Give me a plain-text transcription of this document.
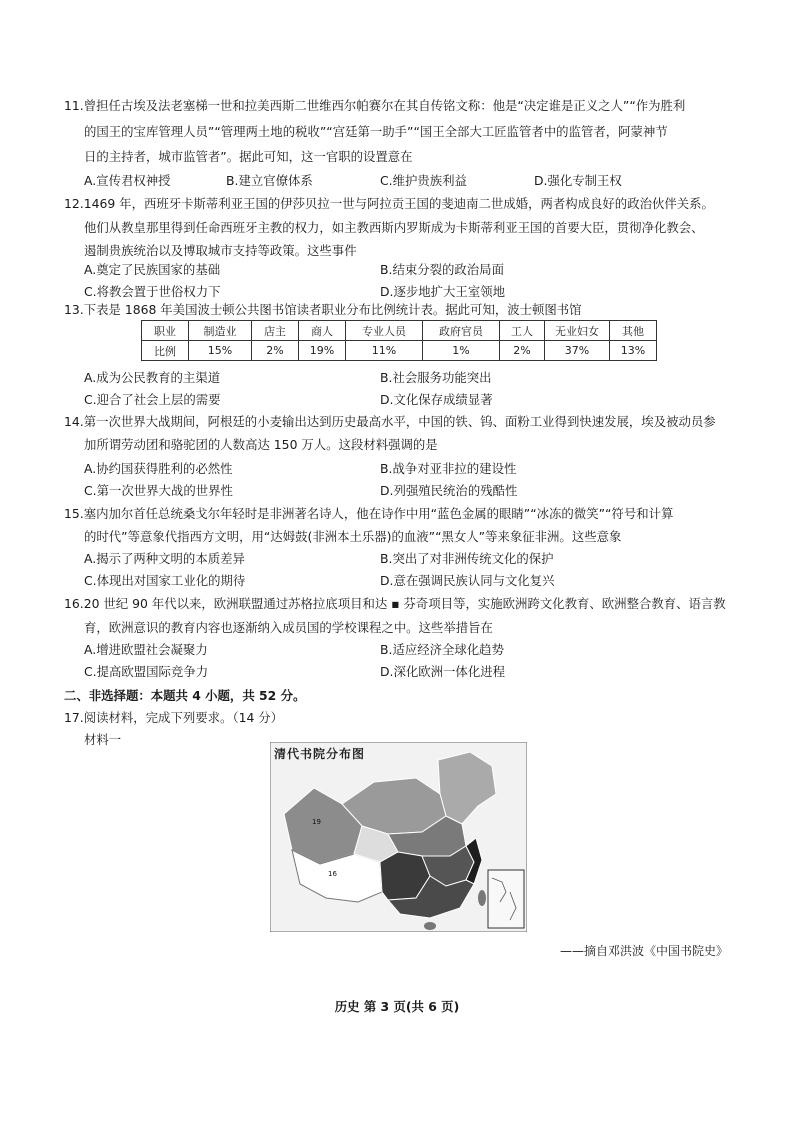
11.曾担任古埃及法老塞梯一世和拉美西斯二世维西尔帕赛尔在其自传铭文称：他是“决定谁是正义之人”“作为胜利
的国王的宝库管理人员”“管理两土地的税收”“宫廷第一助手”“国王全部大工匠监管者中的监管者，阿蒙神节
日的主持者，城市监管者”。据此可知，这一官职的设置意在
A.宣传君权神授	B.建立官僚体系	C.维护贵族利益	D.强化专制王权
12.1469 年，西班牙卡斯蒂利亚王国的伊莎贝拉一世与阿拉贡王国的斐迪南二世成婚，两者构成良好的政治伙伴关系。
他们从教皇那里得到任命西班牙主教的权力，如主教西斯内罗斯成为卡斯蒂利亚王国的首要大臣，贯彻净化教会、
遏制贵族统治以及博取城市支持等政策。这些事件
A.奠定了民族国家的基础	B.结束分裂的政治局面
C.将教会置于世俗权力下	D.逐步地扩大王室领地
13.下表是 1868 年美国波士顿公共图书馆读者职业分布比例统计表。据此可知，波士顿图书馆
职业	制造业	店主	商人	专业人员	政府官员	工人	无业妇女	其他
比例	15%	2%	19%	11%	1%	2%	37%	13%
A.成为公民教育的主渠道	B.社会服务功能突出
C.迎合了社会上层的需要	D.文化保存成绩显著
14.第一次世界大战期间，阿根廷的小麦输出达到历史最高水平，中国的铁、钨、面粉工业得到快速发展，埃及被动员参
加所谓劳动团和骆驼团的人数高达 150 万人。这段材料强调的是
A.协约国获得胜利的必然性	B.战争对亚非拉的建设性
C.第一次世界大战的世界性	D.列强殖民统治的残酷性
15.塞内加尔首任总统桑戈尔年轻时是非洲著名诗人，他在诗作中用“蓝色金属的眼睛”“冰冻的微笑”“符号和计算
的时代”等意象代指西方文明，用“达姆鼓(非洲本土乐器)的血液”“黑女人”等来象征非洲。这些意象
A.揭示了两种文明的本质差异	B.突出了对非洲传统文化的保护
C.体现出对国家工业化的期待	D.意在强调民族认同与文化复兴
16.20 世纪 90 年代以来，欧洲联盟通过苏格拉底项目和达 ▪ 芬奇项目等，实施欧洲跨文化教育、欧洲整合教育、语言教
育，欧洲意识的教育内容也逐渐纳入成员国的学校课程之中。这些举措旨在
A.增进欧盟社会凝聚力	B.适应经济全球化趋势
C.提高欧盟国际竞争力	D.深化欧洲一体化进程
二、非选择题：本题共 4 小题，共 52 分。
17.阅读材料，完成下列要求。（14 分）
材料一
19
16
清代书院分布图
——摘自邓洪波《中国书院史》
历史 第 3 页(共 6 页)
